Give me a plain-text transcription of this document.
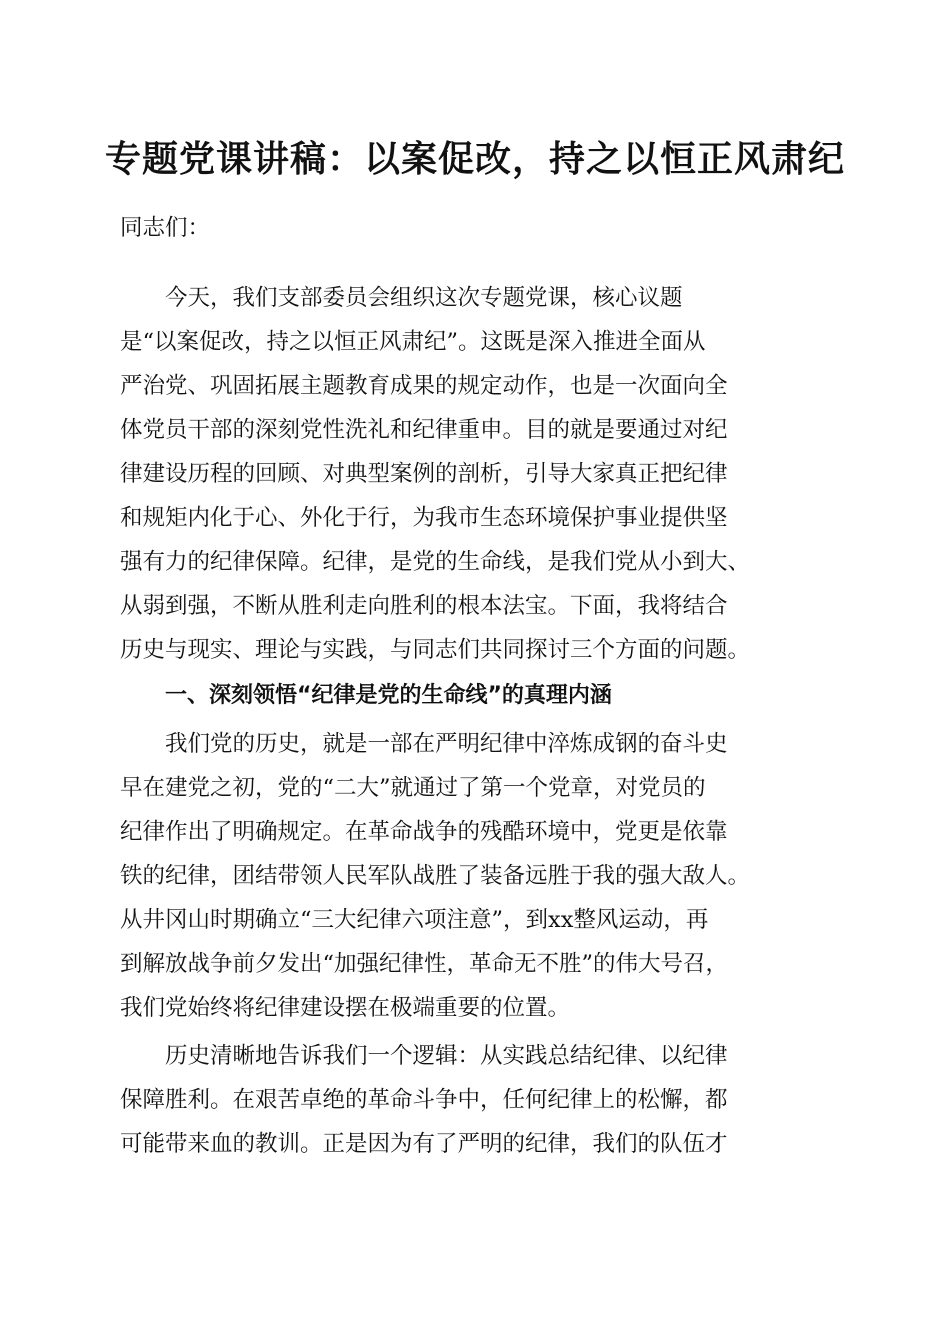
专题党课讲稿：以案促改，持之以恒正风肃纪
同志们：
今天，我们支部委员会组织这次专题党课，核心议题
是“以案促改，持之以恒正风肃纪”。这既是深入推进全面从
严治党、巩固拓展主题教育成果的规定动作，也是一次面向全
体党员干部的深刻党性洗礼和纪律重申。目的就是要通过对纪
律建设历程的回顾、对典型案例的剖析，引导大家真正把纪律
和规矩内化于心、外化于行，为我市生态环境保护事业提供坚
强有力的纪律保障。纪律，是党的生命线，是我们党从小到大、
从弱到强，不断从胜利走向胜利的根本法宝。下面，我将结合
历史与现实、理论与实践，与同志们共同探讨三个方面的问题。
一、深刻领悟“纪律是党的生命线”的真理内涵
我们党的历史，就是一部在严明纪律中淬炼成钢的奋斗史
早在建党之初，党的“二大”就通过了第一个党章，对党员的
纪律作出了明确规定。在革命战争的残酷环境中，党更是依靠
铁的纪律，团结带领人民军队战胜了装备远胜于我的强大敌人。
从井冈山时期确立“三大纪律六项注意”，到xx整风运动，再
到解放战争前夕发出“加强纪律性，革命无不胜”的伟大号召，
我们党始终将纪律建设摆在极端重要的位置。
历史清晰地告诉我们一个逻辑：从实践总结纪律、以纪律
保障胜利。在艰苦卓绝的革命斗争中，任何纪律上的松懈，都
可能带来血的教训。正是因为有了严明的纪律，我们的队伍才
